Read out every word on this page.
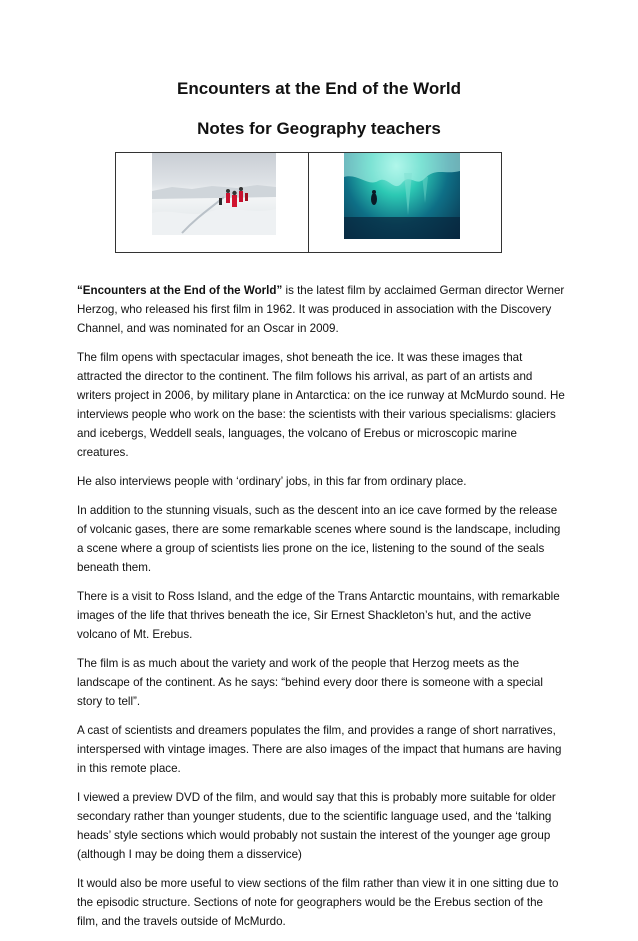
Encounters at the End of the World
Notes for Geography teachers

“Encounters at the End of the World” is the latest film by acclaimed German director Werner Herzog, who released his first film in 1962. It was produced in association with the Discovery Channel, and was nominated for an Oscar in 2009.

The film opens with spectacular images, shot beneath the ice. It was these images that attracted the director to the continent. The film follows his arrival, as part of an artists and writers project in 2006, by military plane in Antarctica: on the ice runway at McMurdo sound. He interviews people who work on the base: the scientists with their various specialisms: glaciers and icebergs, Weddell seals, languages, the volcano of Erebus or microscopic marine creatures.

He also interviews people with ‘ordinary’ jobs, in this far from ordinary place.

In addition to the stunning visuals, such as the descent into an ice cave formed by the release of volcanic gases, there are some remarkable scenes where sound is the landscape, including a scene where a group of scientists lies prone on the ice, listening to the sound of the seals beneath them.

There is a visit to Ross Island, and the edge of the Trans Antarctic mountains, with remarkable images of the life that thrives beneath the ice, Sir Ernest Shackleton’s hut, and the active volcano of Mt. Erebus.

The film is as much about the variety and work of the people that Herzog meets as the landscape of the continent. As he says: “behind every door there is someone with a special story to tell”.

A cast of scientists and dreamers populates the film, and provides a range of short narratives, interspersed with vintage images. There are also images of the impact that humans are having in this remote place.

I viewed a preview DVD of the film, and would say that this is probably more suitable for older secondary rather than younger students, due to the scientific language used, and the ‘talking heads’ style sections which would probably not sustain the interest of the younger age group (although I may be doing them a disservice)

It would also be more useful to view sections of the film rather than view it in one sitting due to the episodic structure. Sections of note for geographers would be the Erebus section of the film, and the travels outside of McMurdo.
